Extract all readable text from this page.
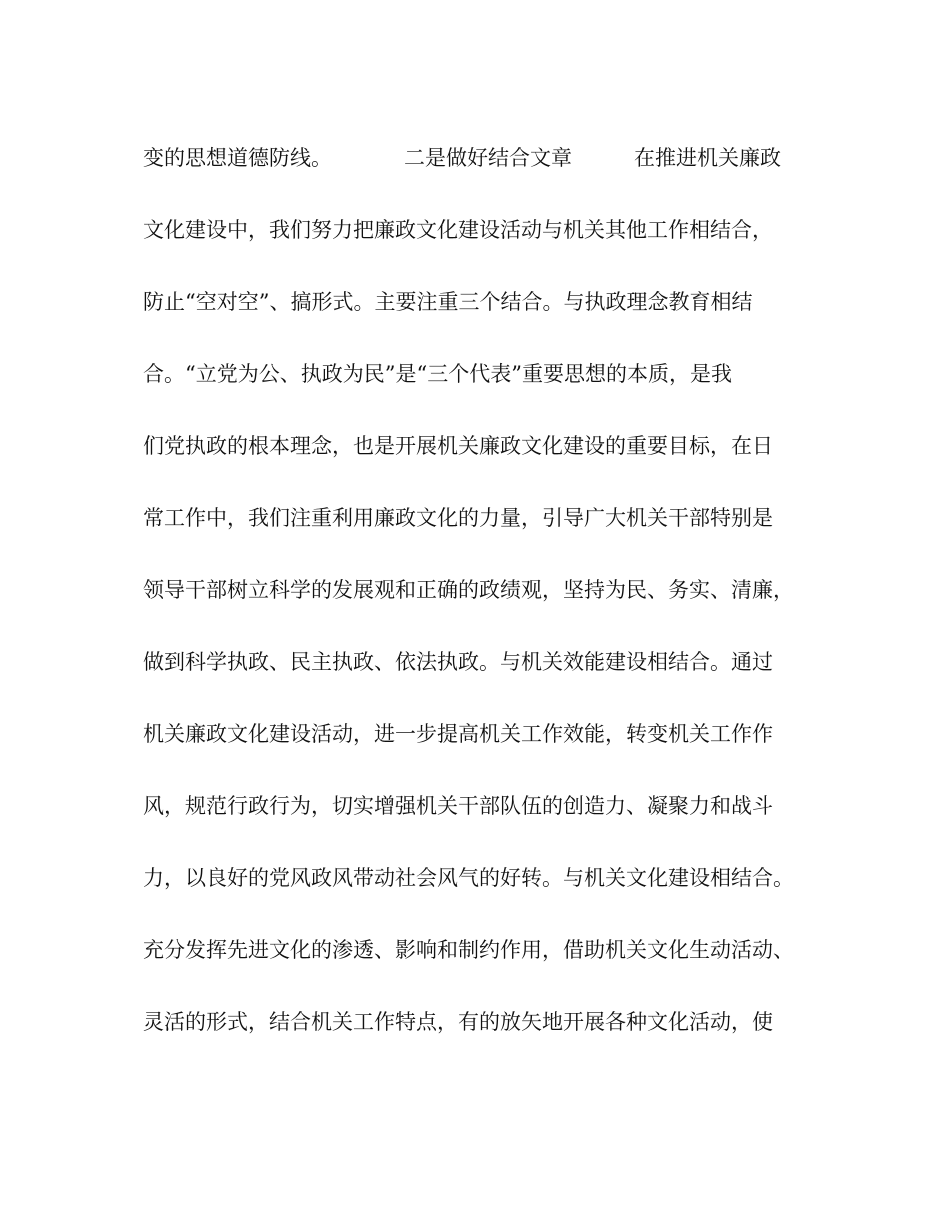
变的思想道德防线。	二是做好结合文章	在推进机关廉政

文化建设中，我们努力把廉政文化建设活动与机关其他工作相结合，

防止“空对空”、搞形式。主要注重三个结合。与执政理念教育相结

合。“立党为公、执政为民”是“三个代表”重要思想的本质，是我

们党执政的根本理念，也是开展机关廉政文化建设的重要目标，在日

常工作中，我们注重利用廉政文化的力量，引导广大机关干部特别是

领导干部树立科学的发展观和正确的政绩观，坚持为民、务实、清廉，

做到科学执政、民主执政、依法执政。与机关效能建设相结合。通过

机关廉政文化建设活动，进一步提高机关工作效能，转变机关工作作

风，规范行政行为，切实增强机关干部队伍的创造力、凝聚力和战斗

力，以良好的党风政风带动社会风气的好转。与机关文化建设相结合。

充分发挥先进文化的渗透、影响和制约作用，借助机关文化生动活动、

灵活的形式，结合机关工作特点，有的放矢地开展各种文化活动，使
